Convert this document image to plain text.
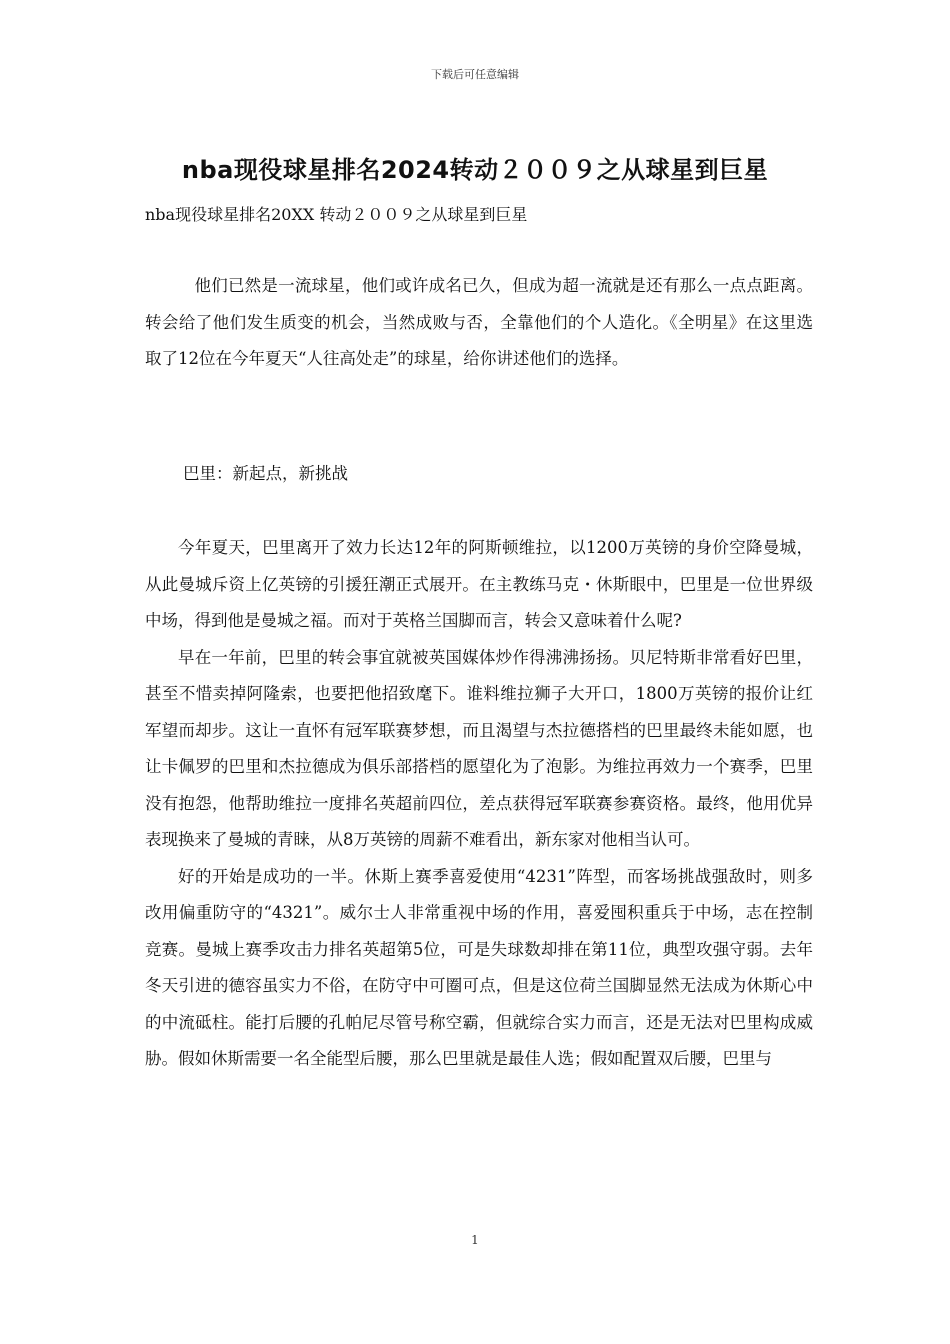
下载后可任意编辑
nba现役球星排名2024转动２００９之从球星到巨星
nba现役球星排名20XX 转动２００９之从球星到巨星

他们已然是一流球星，他们或许成名已久，但成为超一流就是还有那么一点点距离。转会给了他们发生质变的机会，当然成败与否，全靠他们的个人造化。《全明星》在这里选取了12位在今年夏天“人往高处走”的球星，给你讲述他们的选择。

巴里：新起点，新挑战

今年夏天，巴里离开了效力长达12年的阿斯顿维拉，以1200万英镑的身价空降曼城，从此曼城斥资上亿英镑的引援狂潮正式展开。在主教练马克・休斯眼中，巴里是一位世界级中场，得到他是曼城之福。而对于英格兰国脚而言，转会又意味着什么呢?

早在一年前，巴里的转会事宜就被英国媒体炒作得沸沸扬扬。贝尼特斯非常看好巴里，甚至不惜卖掉阿隆索，也要把他招致麾下。谁料维拉狮子大开口，1800万英镑的报价让红军望而却步。这让一直怀有冠军联赛梦想，而且渴望与杰拉德搭档的巴里最终未能如愿，也让卡佩罗的巴里和杰拉德成为俱乐部搭档的愿望化为了泡影。为维拉再效力一个赛季，巴里没有抱怨，他帮助维拉一度排名英超前四位，差点获得冠军联赛参赛资格。最终，他用优异表现换来了曼城的青睐，从8万英镑的周薪不难看出，新东家对他相当认可。

好的开始是成功的一半。休斯上赛季喜爱使用“4231”阵型，而客场挑战强敌时，则多改用偏重防守的“4321”。威尔士人非常重视中场的作用，喜爱囤积重兵于中场，志在控制竞赛。曼城上赛季攻击力排名英超第5位，可是失球数却排在第11位，典型攻强守弱。去年冬天引进的德容虽实力不俗，在防守中可圈可点，但是这位荷兰国脚显然无法成为休斯心中的中流砥柱。能打后腰的孔帕尼尽管号称空霸，但就综合实力而言，还是无法对巴里构成威胁。假如休斯需要一名全能型后腰，那么巴里就是最佳人选；假如配置双后腰，巴里与

1
